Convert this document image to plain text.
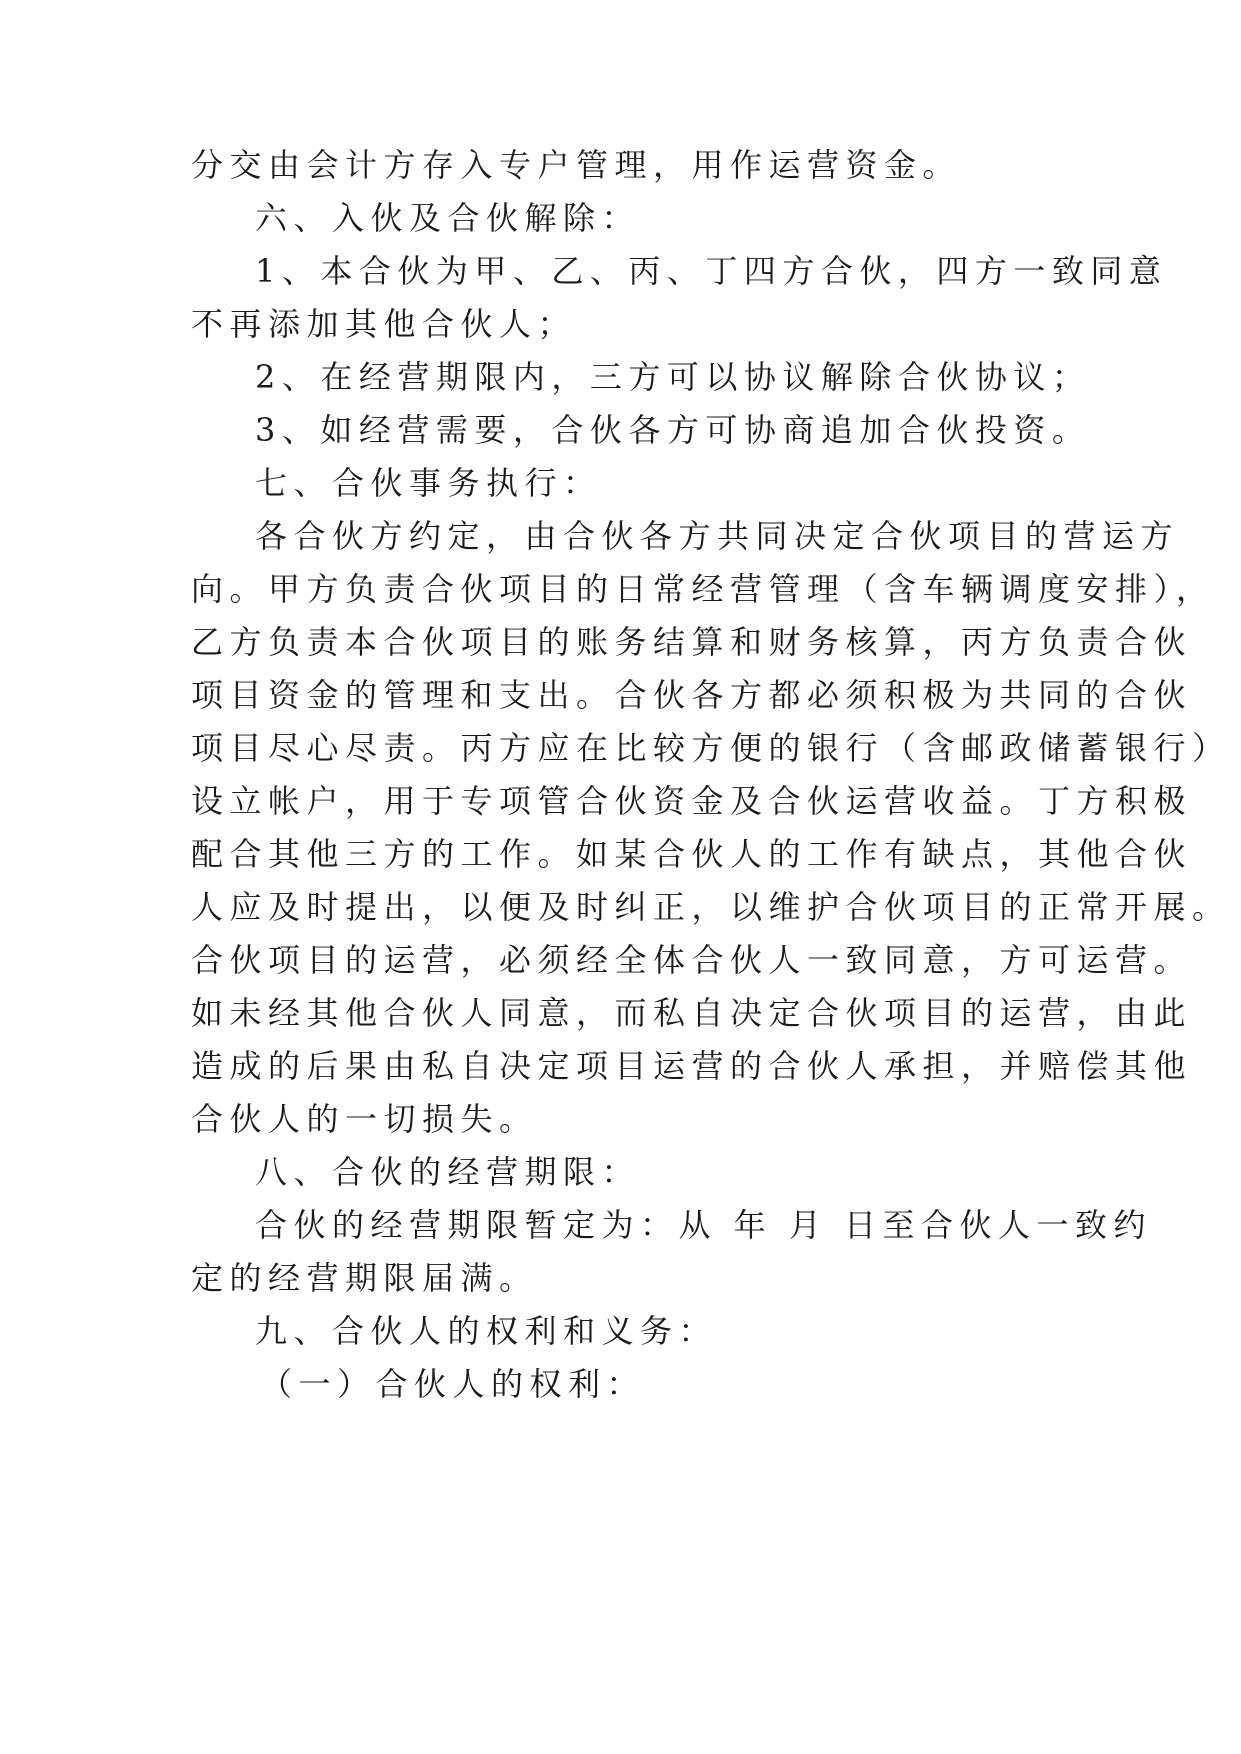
分交由会计方存入专户管理，用作运营资金。
六、入伙及合伙解除：
1、本合伙为甲、乙、丙、丁四方合伙，四方一致同意
不再添加其他合伙人；
2、在经营期限内，三方可以协议解除合伙协议；
3、如经营需要，合伙各方可协商追加合伙投资。
七、合伙事务执行：
各合伙方约定，由合伙各方共同决定合伙项目的营运方
向。甲方负责合伙项目的日常经营管理（含车辆调度安排），
乙方负责本合伙项目的账务结算和财务核算，丙方负责合伙
项目资金的管理和支出。合伙各方都必须积极为共同的合伙
项目尽心尽责。丙方应在比较方便的银行（含邮政储蓄银行）
设立帐户，用于专项管合伙资金及合伙运营收益。丁方积极
配合其他三方的工作。如某合伙人的工作有缺点，其他合伙
人应及时提出，以便及时纠正，以维护合伙项目的正常开展。
合伙项目的运营，必须经全体合伙人一致同意，方可运营。
如未经其他合伙人同意，而私自决定合伙项目的运营，由此
造成的后果由私自决定项目运营的合伙人承担，并赔偿其他
合伙人的一切损失。
八、合伙的经营期限：
合伙的经营期限暂定为：从 年 月 日至合伙人一致约
定的经营期限届满。
九、合伙人的权利和义务：
（一）合伙人的权利：
